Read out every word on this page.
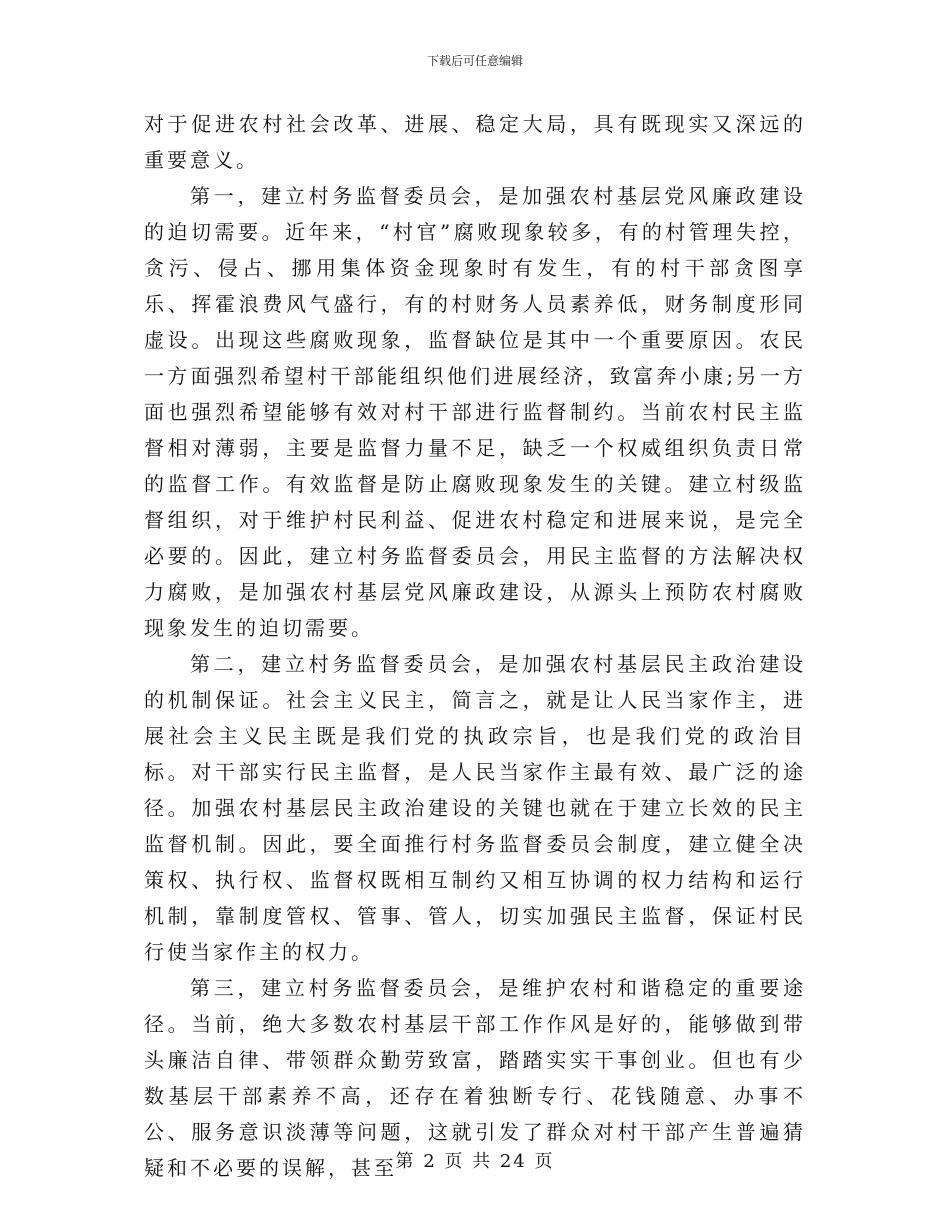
下载后可任意编辑

对于促进农村社会改革、进展、稳定大局，具有既现实又深远的重要意义。

第一，建立村务监督委员会，是加强农村基层党风廉政建设的迫切需要。近年来，“村官”腐败现象较多，有的村管理失控，贪污、侵占、挪用集体资金现象时有发生，有的村干部贪图享乐、挥霍浪费风气盛行，有的村财务人员素养低，财务制度形同虚设。出现这些腐败现象，监督缺位是其中一个重要原因。农民一方面强烈希望村干部能组织他们进展经济，致富奔小康;另一方面也强烈希望能够有效对村干部进行监督制约。当前农村民主监督相对薄弱，主要是监督力量不足，缺乏一个权威组织负责日常的监督工作。有效监督是防止腐败现象发生的关键。建立村级监督组织，对于维护村民利益、促进农村稳定和进展来说，是完全必要的。因此，建立村务监督委员会，用民主监督的方法解决权力腐败，是加强农村基层党风廉政建设，从源头上预防农村腐败现象发生的迫切需要。

第二，建立村务监督委员会，是加强农村基层民主政治建设的机制保证。社会主义民主，简言之，就是让人民当家作主，进展社会主义民主既是我们党的执政宗旨，也是我们党的政治目标。对干部实行民主监督，是人民当家作主最有效、最广泛的途径。加强农村基层民主政治建设的关键也就在于建立长效的民主监督机制。因此，要全面推行村务监督委员会制度，建立健全决策权、执行权、监督权既相互制约又相互协调的权力结构和运行机制，靠制度管权、管事、管人，切实加强民主监督，保证村民行使当家作主的权力。

第三，建立村务监督委员会，是维护农村和谐稳定的重要途径。当前，绝大多数农村基层干部工作作风是好的，能够做到带头廉洁自律、带领群众勤劳致富，踏踏实实干事创业。但也有少数基层干部素养不高，还存在着独断专行、花钱随意、办事不公、服务意识淡薄等问题，这就引发了群众对村干部产生普遍猜疑和不必要的误解，甚至

第 2 页 共 24 页
